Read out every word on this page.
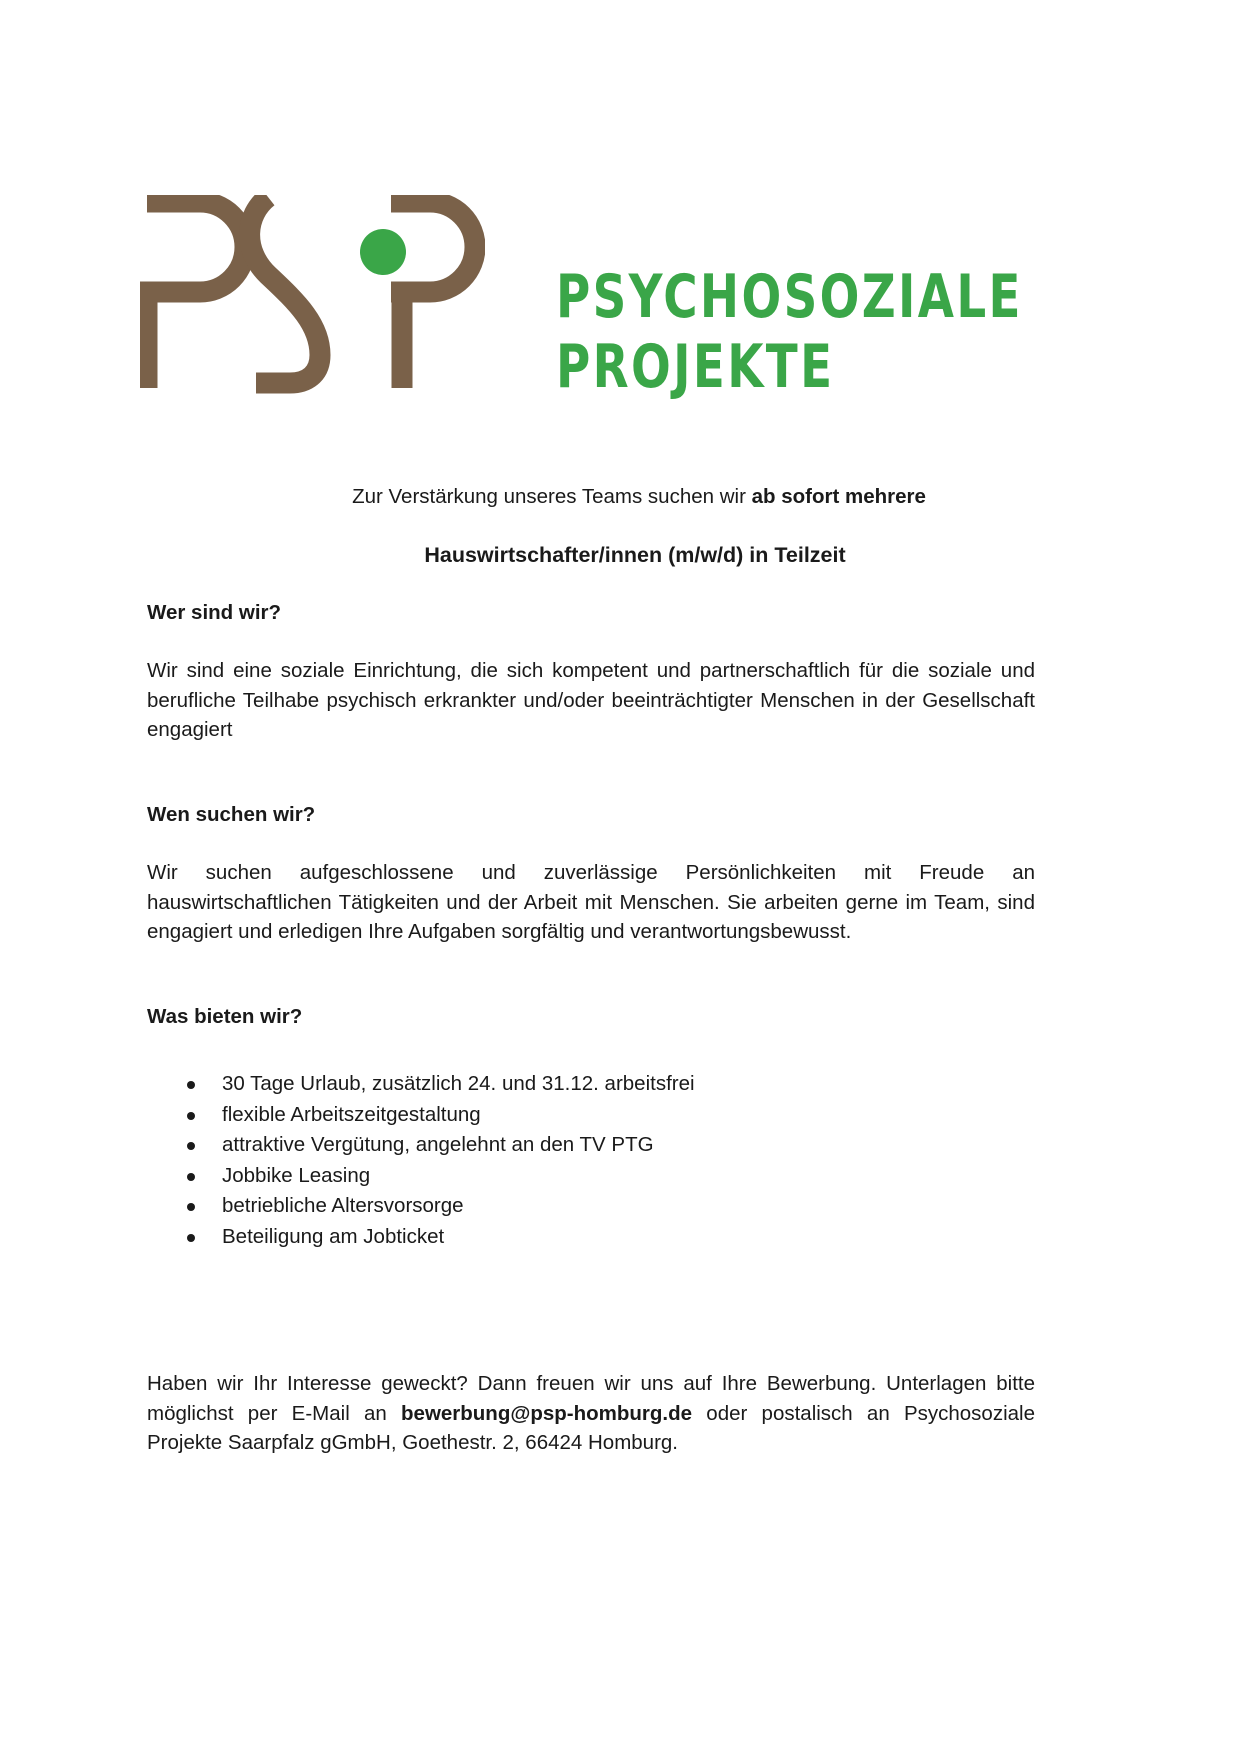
PSYCHOSOZIALE
PROJEKTE
Zur Verstärkung unseres Teams suchen wir ab sofort mehrere
Hauswirtschafter/innen (m/w/d) in Teilzeit
Wer sind wir?
Wir sind eine soziale Einrichtung, die sich kompetent und partnerschaftlich für die soziale und berufliche Teilhabe psychisch erkrankter und/oder beeinträchtigter Menschen in der Gesellschaft engagiert
Wen suchen wir?
Wir suchen aufgeschlossene und zuverlässige Persönlichkeiten mit Freude an hauswirtschaftlichen Tätigkeiten und der Arbeit mit Menschen. Sie arbeiten gerne im Team, sind engagiert und erledigen Ihre Aufgaben sorgfältig und verantwortungsbewusst.
Was bieten wir?
30 Tage Urlaub, zusätzlich 24. und 31.12. arbeitsfrei
flexible Arbeitszeitgestaltung
attraktive Vergütung, angelehnt an den TV PTG
Jobbike Leasing
betriebliche Altersvorsorge
Beteiligung am Jobticket
Haben wir Ihr Interesse geweckt? Dann freuen wir uns auf Ihre Bewerbung. Unterlagen bitte möglichst per E-Mail an bewerbung@psp-homburg.de oder postalisch an Psychosoziale Projekte Saarpfalz gGmbH, Goethestr. 2, 66424 Homburg.
